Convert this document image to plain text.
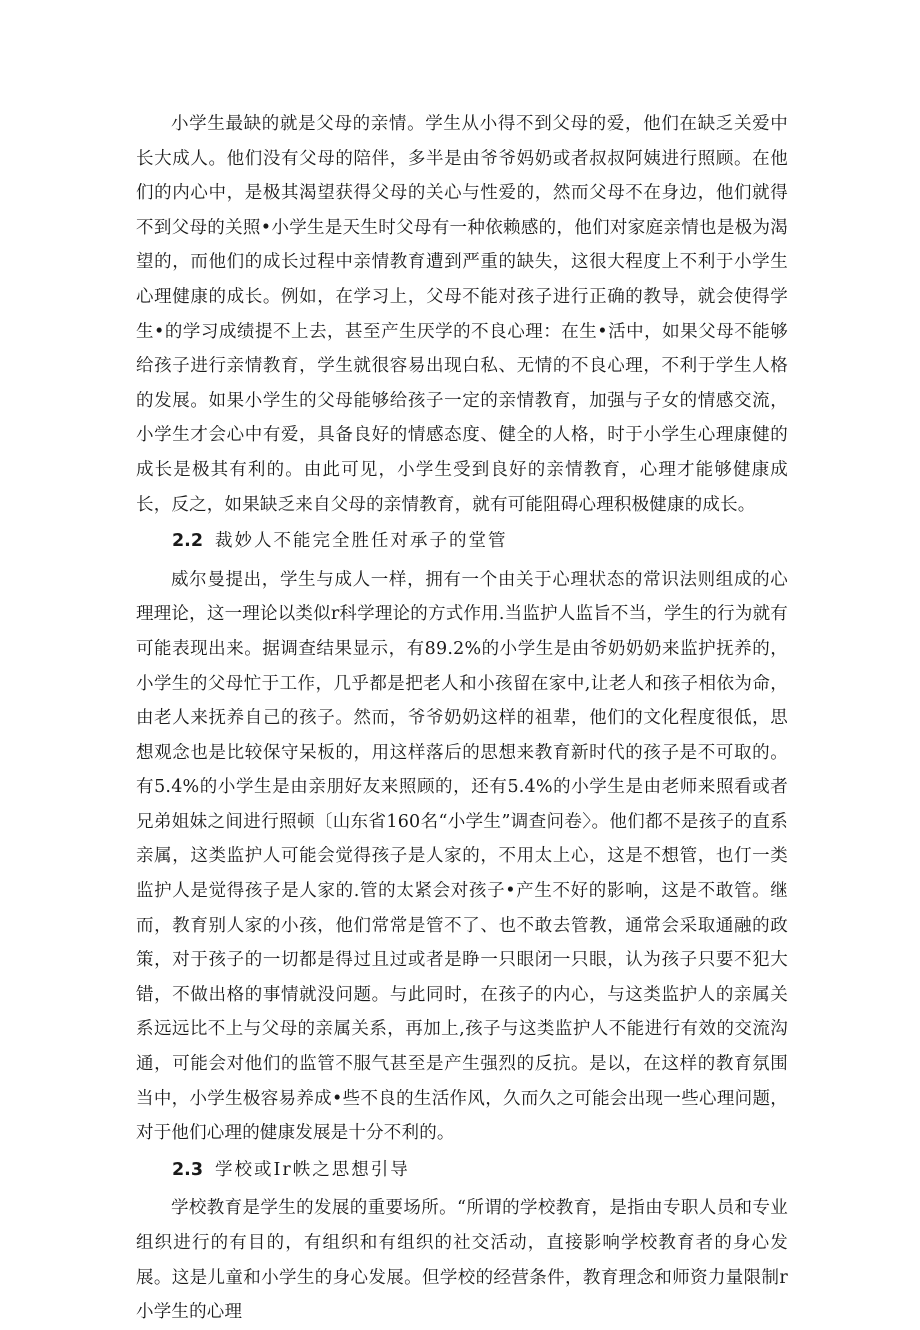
小学生最缺的就是父母的亲情。学生从小得不到父母的爱，他们在缺乏关爱中长大成人。他们没有父母的陪伴，多半是由爷爷妈奶或者叔叔阿姨进行照顾。在他们的内心中，是极其渴望获得父母的关心与性爱的，然而父母不在身边，他们就得不到父母的关照•小学生是天生时父母有一种依赖感的，他们对家庭亲情也是极为渴望的，而他们的成长过程中亲情教育遭到严重的缺失，这很大程度上不利于小学生心理健康的成长。例如，在学习上，父母不能对孩子进行正确的教导，就会使得学生•的学习成绩提不上去，甚至产生厌学的不良心理：在生•活中，如果父母不能够给孩子进行亲情教育，学生就很容易出现白私、无情的不良心理，不利于学生人格的发展。如果小学生的父母能够给孩子一定的亲情教育，加强与子女的情感交流，小学生才会心中有爱，具备良好的情感态度、健全的人格，时于小学生心理康健的成长是极其有利的。由此可见，小学生受到良好的亲情教育，心理才能够健康成长，反之，如果缺乏来自父母的亲情教育，就有可能阻碍心理积极健康的成长。

2.2 裁妙人不能完全胜任对承子的堂管

威尔曼提出，学生与成人一样，拥有一个由关于心理状态的常识法则组成的心理理论，这一理论以类似r科学理论的方式作用.当监护人监旨不当，学生的行为就有可能表现出来。据调查结果显示，有89.2%的小学生是由爷奶奶奶来监护抚养的，小学生的父母忙于工作，几乎都是把老人和小孩留在家中,让老人和孩子相依为命，由老人来抚养自己的孩子。然而，爷爷奶奶这样的祖辈，他们的文化程度很低，思想观念也是比较保守呆板的，用这样落后的思想来教育新时代的孩子是不可取的。有5.4%的小学生是由亲朋好友来照顾的，还有5.4%的小学生是由老师来照看或者兄弟姐妹之间进行照顿〔山东省160名“小学生”调查问卷〉。他们都不是孩子的直系亲属，这类监护人可能会觉得孩子是人家的，不用太上心，这是不想管，也仃一类监护人是觉得孩子是人家的.管的太紧会对孩子•产生不好的影响，这是不敢管。继而，教育别人家的小孩，他们常常是管不了、也不敢去管教，通常会采取通融的政策，对于孩子的一切都是得过且过或者是睁一只眼闭一只眼，认为孩子只要不犯大错，不做出格的事情就没问题。与此同时，在孩子的内心，与这类监护人的亲属关系远远比不上与父母的亲属关系，再加上,孩子与这类监护人不能进行有效的交流沟通，可能会对他们的监管不服气甚至是产生强烈的反抗。是以，在这样的教育氛围当中，小学生极容易养成•些不良的生活作风，久而久之可能会出现一些心理问题，对于他们心理的健康发展是十分不利的。

2.3 学校或Ir帙之思想引导

学校教育是学生的发展的重要场所。“所谓的学校教育，是指由专职人员和专业组织进行的有目的，有组织和有组织的社交活动，直接影响学校教育者的身心发展。这是儿童和小学生的身心发展。但学校的经营条件，教育理念和师资力量限制r小学生的心理
